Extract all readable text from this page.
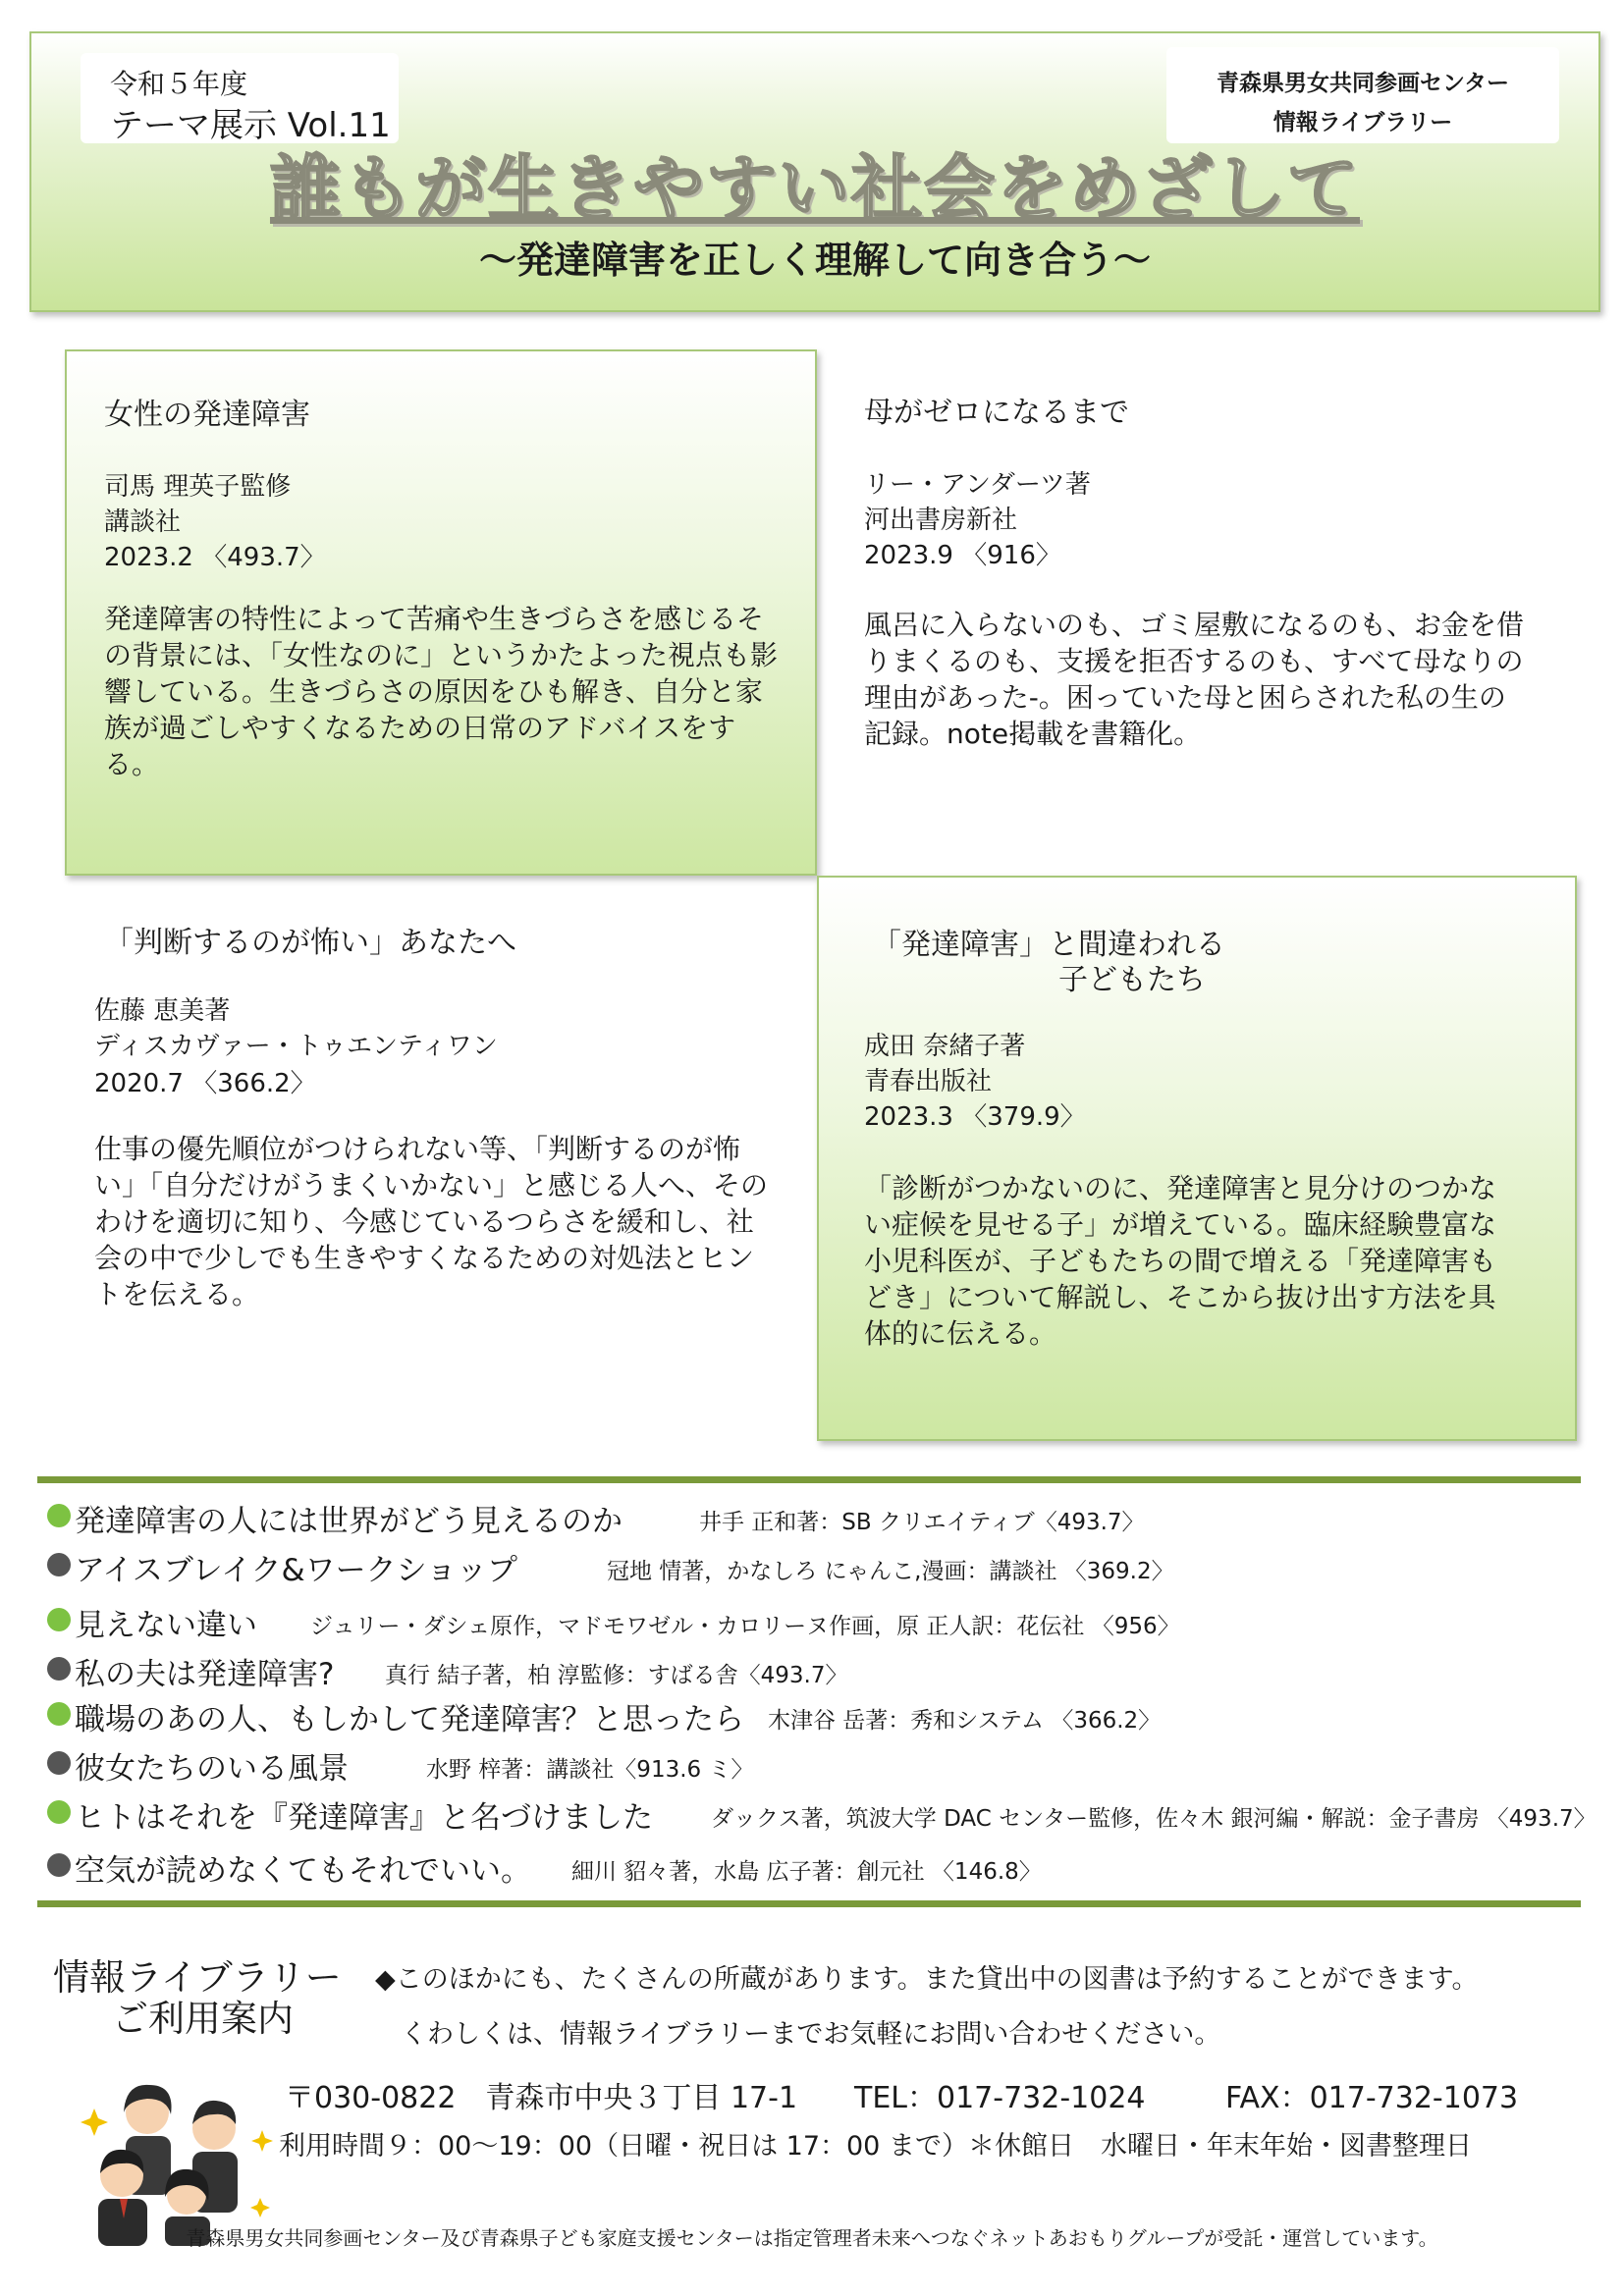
令和５年度
テーマ展示 Vol.11
青森県男女共同参画センター
情報ライブラリー
誰もが生きやすい社会をめざして
～発達障害を正しく理解して向き合う～
女性の発達障害
司馬 理英子監修
講談社
2023.2 〈493.7〉
発達障害の特性によって苦痛や生きづらさを感じるそ
の背景には、「女性なのに」というかたよった視点も影
響している。生きづらさの原因をひも解き、自分と家
族が過ごしやすくなるための日常のアドバイスをす
る。
母がゼロになるまで
リー・アンダーツ著
河出書房新社
2023.9 〈916〉
風呂に入らないのも、ゴミ屋敷になるのも、お金を借
りまくるのも、支援を拒否するのも、すべて母なりの
理由があった-。困っていた母と困らされた私の生の
記録。note掲載を書籍化。
「判断するのが怖い」あなたへ
佐藤 恵美著
ディスカヴァー・トゥエンティワン
2020.7 〈366.2〉
仕事の優先順位がつけられない等、「判断するのが怖
い」「自分だけがうまくいかない」と感じる人へ、その
わけを適切に知り、今感じているつらさを緩和し、社
会の中で少しでも生きやすくなるための対処法とヒン
トを伝える。
「発達障害」と間違われる
子どもたち
成田 奈緒子著
青春出版社
2023.3 〈379.9〉
「診断がつかないのに、発達障害と見分けのつかな
い症候を見せる子」が増えている。臨床経験豊富な
小児科医が、子どもたちの間で増える「発達障害も
どき」について解説し、そこから抜け出す方法を具
体的に伝える。
発達障害の人には世界がどう見えるのか	井手 正和著：SB クリエイティブ〈493.7〉
アイスブレイク&ワークショップ	冠地 情著，かなしろ にゃんこ,漫画：講談社 〈369.2〉
見えない違い ジュリー・ダシェ原作，マドモワゼル・カロリーヌ作画，原 正人訳：花伝社 〈956〉
私の夫は発達障害? 真行 結子著，柏 淳監修：すばる舎〈493.7〉
職場のあの人、もしかして発達障害？と思ったら 木津谷 岳著：秀和システム 〈366.2〉
彼女たちのいる風景	水野 梓著：講談社〈913.6 ミ〉
ヒトはそれを『発達障害』と名づけました	ダックス著，筑波大学 DAC センター監修，佐々木 銀河編・解説：金子書房 〈493.7〉
空気が読めなくてもそれでいい。 細川 貂々著，水島 広子著：創元社 〈146.8〉
情報ライブラリー
ご利用案内
◆このほかにも、たくさんの所蔵があります。また貸出中の図書は予約することができます。
くわしくは、情報ライブラリーまでお気軽にお問い合わせください。
〒030-0822　青森市中央３丁目 17-1 TEL：017-732-1024	FAX：017-732-1073
利用時間９：00～19：00（日曜・祝日は 17：00 まで）＊休館日　水曜日・年末年始・図書整理日
青森県男女共同参画センター及び青森県子ども家庭支援センターは指定管理者未来へつなぐネットあおもりグループが受託・運営しています。
